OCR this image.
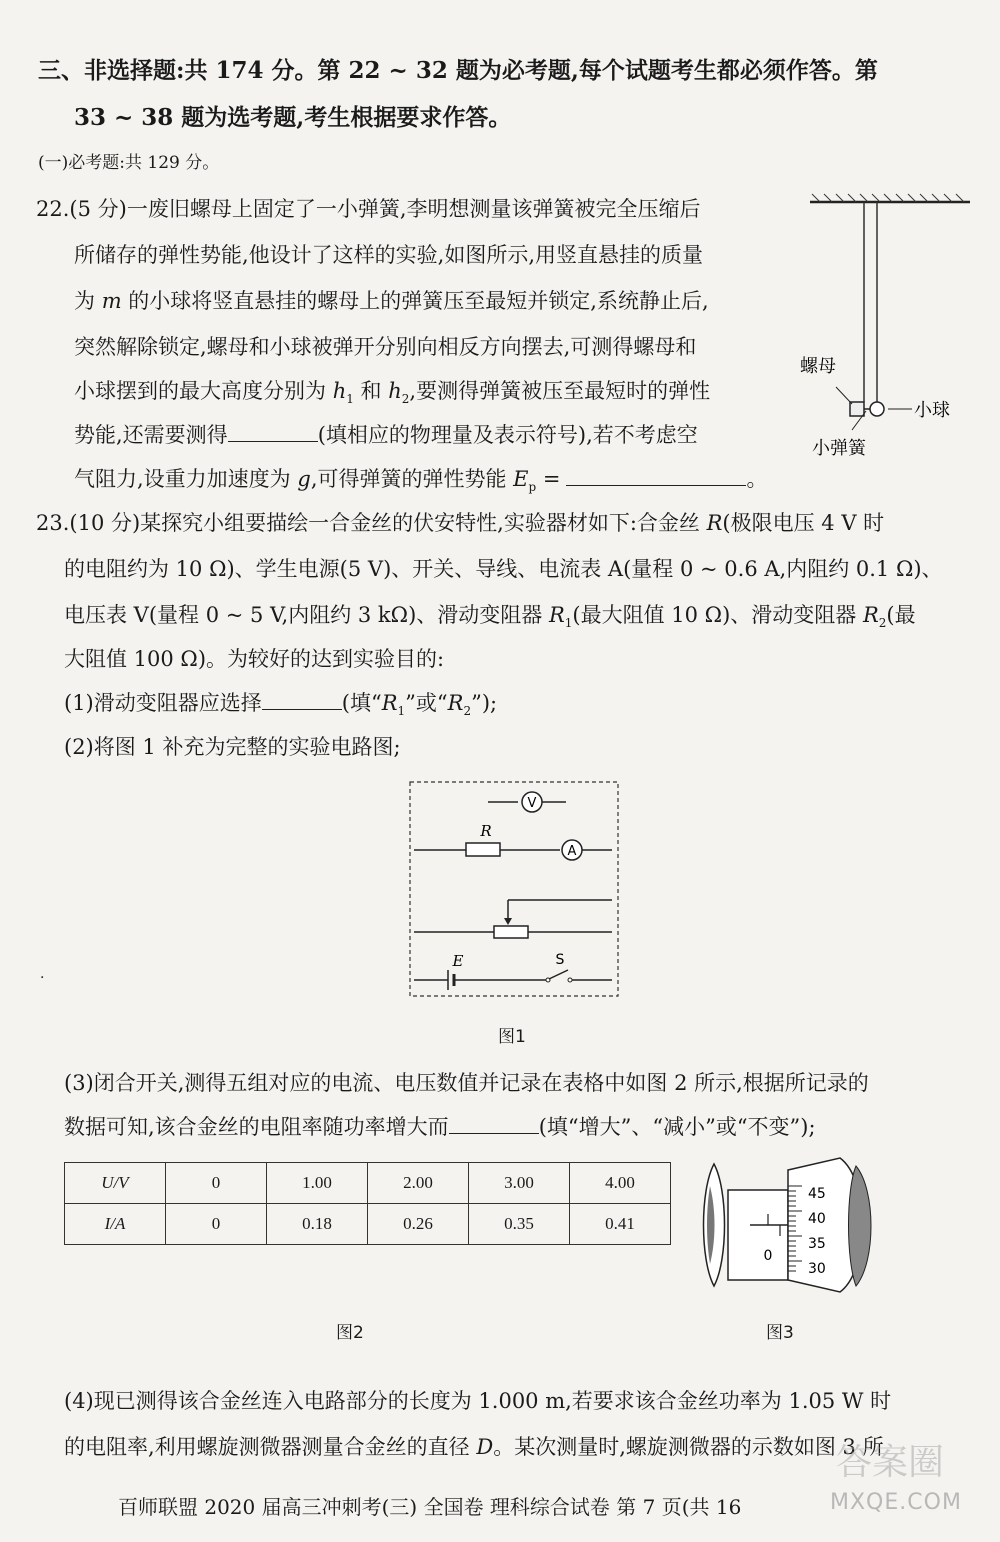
三、非选择题:共 174 分。第 22 ~ 32 题为必考题,每个试题考生都必须作答。第
33 ~ 38 题为选考题,考生根据要求作答。
(一)必考题:共 129 分。
22.(5 分)一废旧螺母上固定了一小弹簧,李明想测量该弹簧被完全压缩后
所储存的弹性势能,他设计了这样的实验,如图所示,用竖直悬挂的质量
为 m 的小球将竖直悬挂的螺母上的弹簧压至最短并锁定,系统静止后,
突然解除锁定,螺母和小球被弹开分别向相反方向摆去,可测得螺母和
小球摆到的最大高度分别为 $h_1$ 和 $h_2$,要测得弹簧被压至最短时的弹性
势能,还需要测得	(填相应的物理量及表示符号),若不考虑空
气阻力,设重力加速度为 g,可得弹簧的弹性势能 $E_p$ =	。
螺母
小球
小弹簧
23.(10 分)某探究小组要描绘一合金丝的伏安特性,实验器材如下:合金丝 R(极限电压 4 V 时
的电阻约为 10 Ω)、学生电源(5 V)、开关、导线、电流表 A(量程 0 ~ 0.6 A,内阻约 0.1 Ω)、
电压表 V(量程 0 ~ 5 V,内阻约 3 kΩ)、滑动变阻器 $R_1$(最大阻值 10 Ω)、滑动变阻器 $R_2$(最
大阻值 100 Ω)。为较好的达到实验目的:
(1)滑动变阻器应选择	(填“$R_1$”或“$R_2$”);
(2)将图 1 补充为完整的实验电路图;
V
R
A
E	S
图1
·
(3)闭合开关,测得五组对应的电流、电压数值并记录在表格中如图 2 所示,根据所记录的
数据可知,该合金丝的电阻率随功率增大而	(填“增大”、“减小”或“不变”);
U/V	0	1.00	2.00	3.00	4.00
I/A	0	0.18	0.26	0.35	0.41
图2
0
45
40
35
30
图3
(4)现已测得该合金丝连入电路部分的长度为 1.000 m,若要求该合金丝功率为 1.05 W 时
的电阻率,利用螺旋测微器测量合金丝的直径 D。某次测量时,螺旋测微器的示数如图 3 所
百师联盟 2020 届高三冲刺考(三) 全国卷 理科综合试卷 第 7 页(共 16
答案圈
MXQE.COM
